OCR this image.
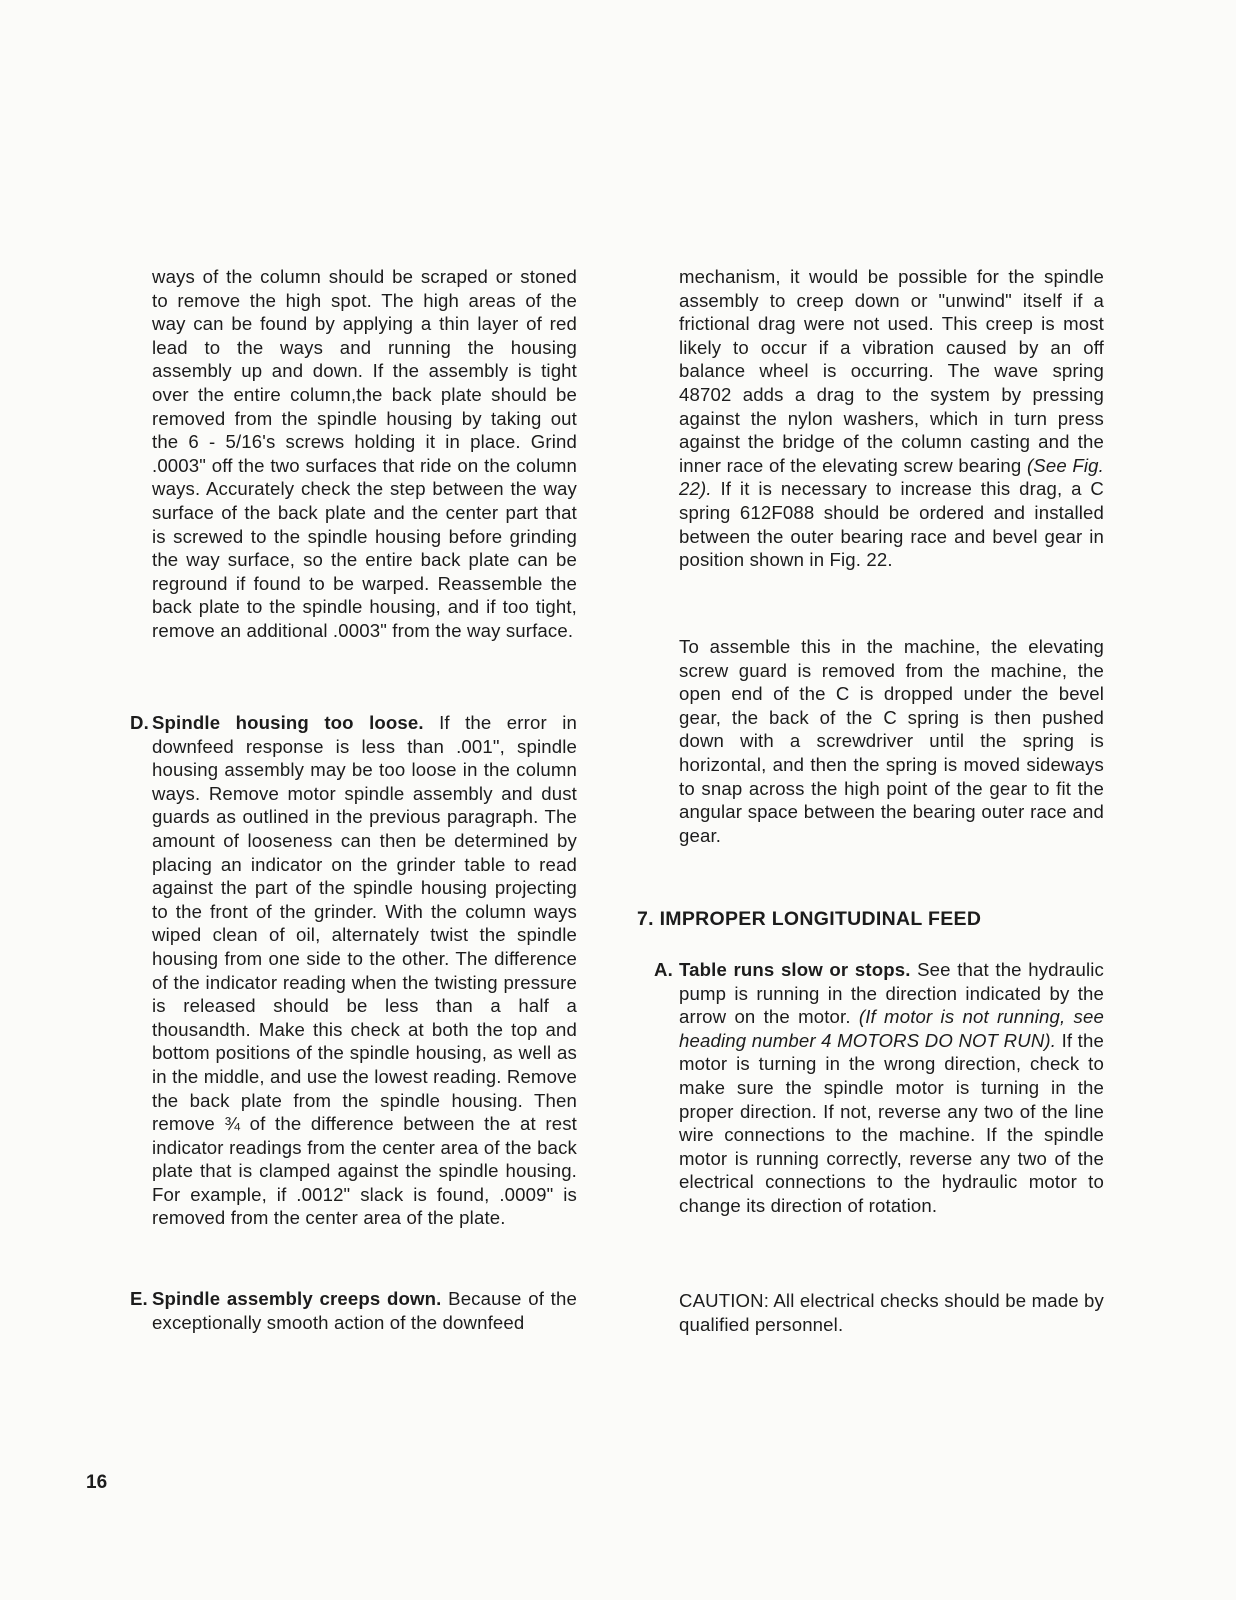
ways of the column should be scraped or stoned to remove the high spot. The high areas of the way can be found by applying a thin layer of red lead to the ways and running the housing assembly up and down. If the assembly is tight over the entire column,the back plate should be removed from the spindle housing by taking out the 6 - 5/16's screws holding it in place. Grind .0003" off the two surfaces that ride on the column ways. Accurately check the step between the way surface of the back plate and the center part that is screwed to the spindle housing before grinding the way surface, so the entire back plate can be reground if found to be warped. Reassemble the back plate to the spindle housing, and if too tight, remove an additional .0003" from the way surface.

D. Spindle housing too loose. If the error in downfeed response is less than .001", spindle housing assembly may be too loose in the column ways. Remove motor spindle assembly and dust guards as outlined in the previous paragraph. The amount of looseness can then be determined by placing an indicator on the grinder table to read against the part of the spindle housing projecting to the front of the grinder. With the column ways wiped clean of oil, alternately twist the spindle housing from one side to the other. The difference of the indicator reading when the twisting pressure is released should be less than a half a thousandth. Make this check at both the top and bottom positions of the spindle housing, as well as in the middle, and use the lowest reading. Remove the back plate from the spindle housing. Then remove ¾ of the difference between the at rest indicator readings from the center area of the back plate that is clamped against the spindle housing. For example, if .0012" slack is found, .0009" is removed from the center area of the plate.

E. Spindle assembly creeps down. Because of the exceptionally smooth action of the downfeed

mechanism, it would be possible for the spindle assembly to creep down or "unwind" itself if a frictional drag were not used. This creep is most likely to occur if a vibration caused by an off balance wheel is occurring. The wave spring 48702 adds a drag to the system by pressing against the nylon washers, which in turn press against the bridge of the column casting and the inner race of the elevating screw bearing (See Fig. 22). If it is necessary to increase this drag, a C spring 612F088 should be ordered and installed between the outer bearing race and bevel gear in position shown in Fig. 22.

To assemble this in the machine, the elevating screw guard is removed from the machine, the open end of the C is dropped under the bevel gear, the back of the C spring is then pushed down with a screwdriver until the spring is horizontal, and then the spring is moved sideways to snap across the high point of the gear to fit the angular space between the bearing outer race and gear.

7. IMPROPER LONGITUDINAL FEED
A. Table runs slow or stops. See that the hydraulic pump is running in the direction indicated by the arrow on the motor. (If motor is not running, see heading number 4 MOTORS DO NOT RUN). If the motor is turning in the wrong direction, check to make sure the spindle motor is turning in the proper direction. If not, reverse any two of the line wire connections to the machine. If the spindle motor is running correctly, reverse any two of the electrical connections to the hydraulic motor to change its direction of rotation.

CAUTION: All electrical checks should be made by qualified personnel.
16
